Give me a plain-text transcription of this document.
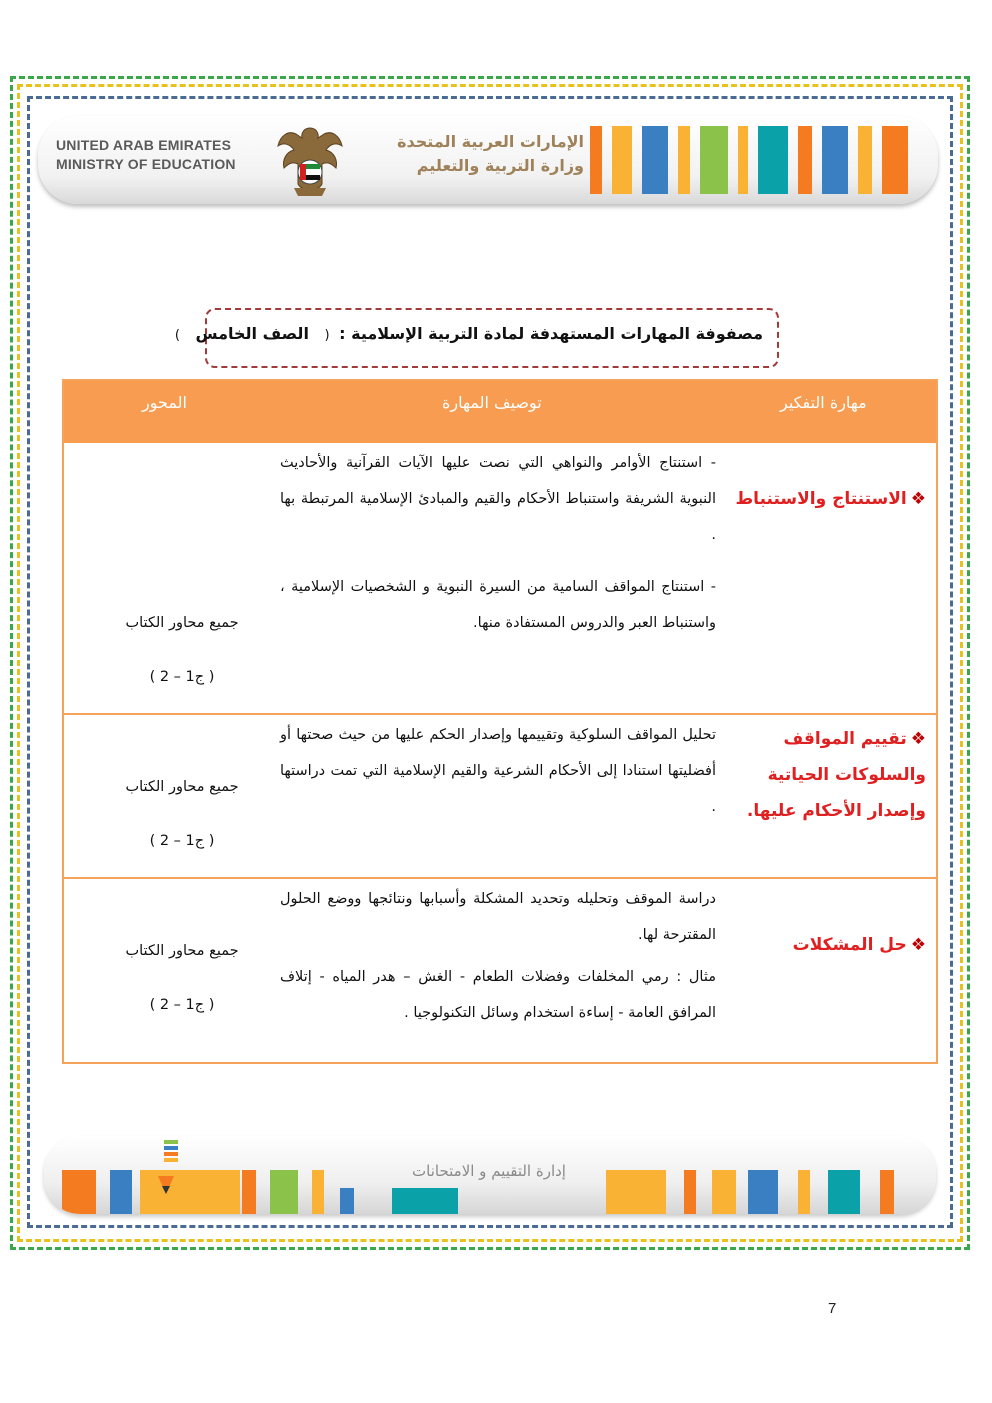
UNITED ARAB EMIRATES
MINISTRY OF EDUCATION
الإمارات العربية المتحدة
وزارة التربية والتعليم
مصفوفة المهارات المستهدفة لمادة التربية الإسلامية : ( الصف الخامس )
مهارة التفكير
توصيف المهارة
المحور
❖الاستنتاج والاستنباط
- استنتاج الأوامر والنواهي التي نصت عليها الآيات القرآنية والأحاديث النبوية الشريفة واستنباط الأحكام والقيم والمبادئ الإسلامية المرتبطة بها .
- استنتاج المواقف السامية من السيرة النبوية و الشخصيات الإسلامية ، واستنباط العبر والدروس المستفادة منها.
جميع محاور الكتاب
( ج1 – 2 )
❖تقييم المواقف والسلوكات الحياتية وإصدار الأحكام عليها.
تحليل المواقف السلوكية وتقييمها وإصدار الحكم عليها من حيث صحتها أو أفضليتها استنادا إلى الأحكام الشرعية والقيم الإسلامية التي تمت دراستها .
جميع محاور الكتاب
( ج1 – 2 )
❖حل المشكلات
دراسة الموقف وتحليله وتحديد المشكلة وأسبابها ونتائجها ووضع الحلول المقترحة لها.
مثال : رمي المخلفات وفضلات الطعام - الغش – هدر المياه - إتلاف المرافق العامة - إساءة استخدام وسائل التكنولوجيا .
جميع محاور الكتاب
( ج1 – 2 )
إدارة التقييم و الامتحانات
7
